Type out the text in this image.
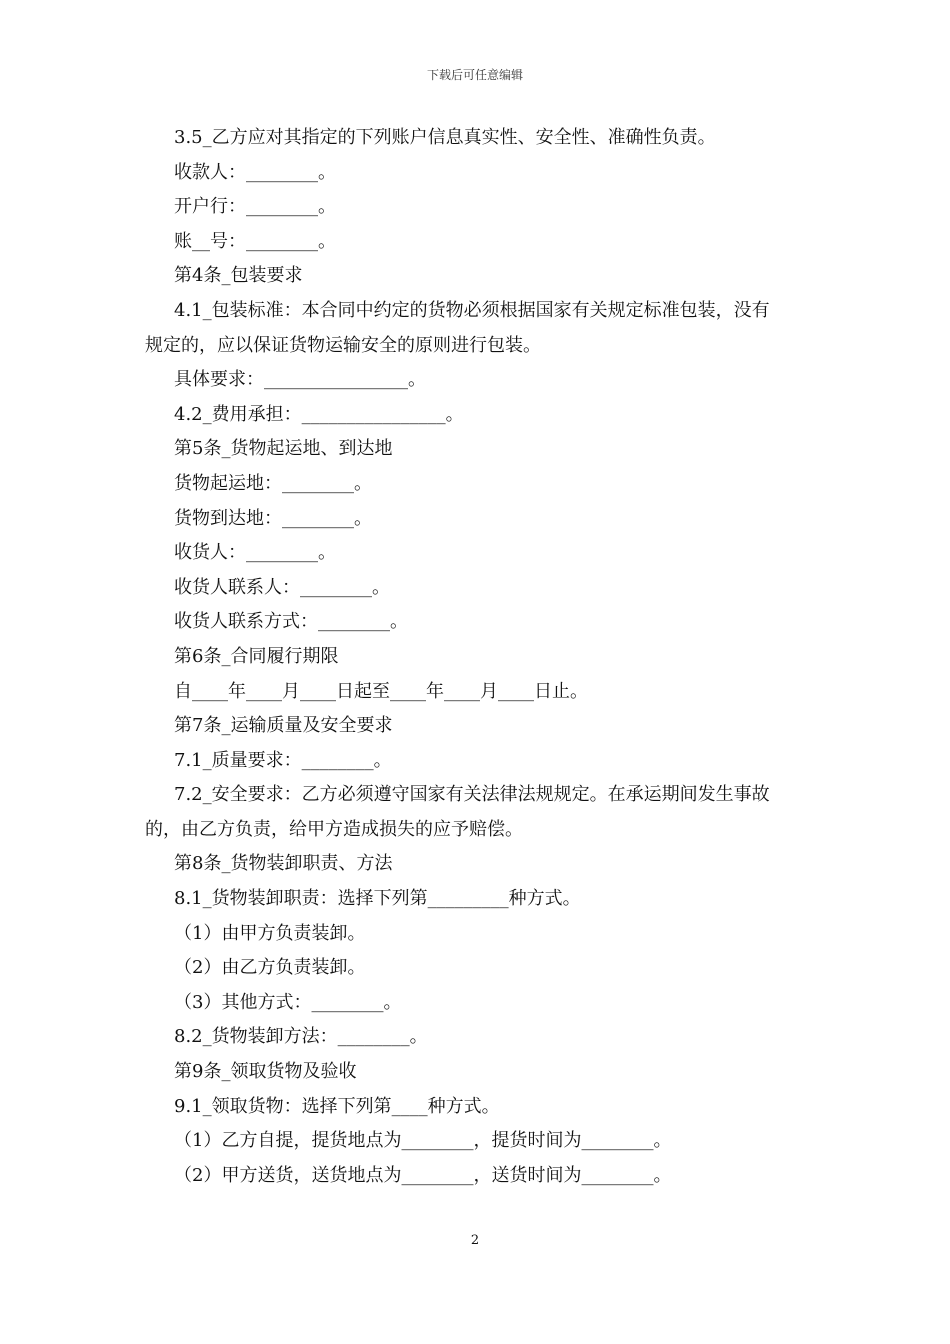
下载后可任意编辑
3.5_乙方应对其指定的下列账户信息真实性、安全性、准确性负责。
收款人：________。
开户行：________。
账__号：________。
第4条_包装要求
4.1_包装标准：本合同中约定的货物必须根据国家有关规定标准包装，没有
规定的，应以保证货物运输安全的原则进行包装。
具体要求：________________。
4.2_费用承担：________________。
第5条_货物起运地、到达地
货物起运地：________。
货物到达地：________。
收货人：________。
收货人联系人：________。
收货人联系方式：________。
第6条_合同履行期限
自____年____月____日起至____年____月____日止。
第7条_运输质量及安全要求
7.1_质量要求：________。
7.2_安全要求：乙方必须遵守国家有关法律法规规定。在承运期间发生事故
的，由乙方负责，给甲方造成损失的应予赔偿。
第8条_货物装卸职责、方法
8.1_货物装卸职责：选择下列第_________种方式。
（1）由甲方负责装卸。
（2）由乙方负责装卸。
（3）其他方式：________。
8.2_货物装卸方法：________。
第9条_领取货物及验收
9.1_领取货物：选择下列第____种方式。
（1）乙方自提，提货地点为________，提货时间为________。
（2）甲方送货，送货地点为________，送货时间为________。
2
